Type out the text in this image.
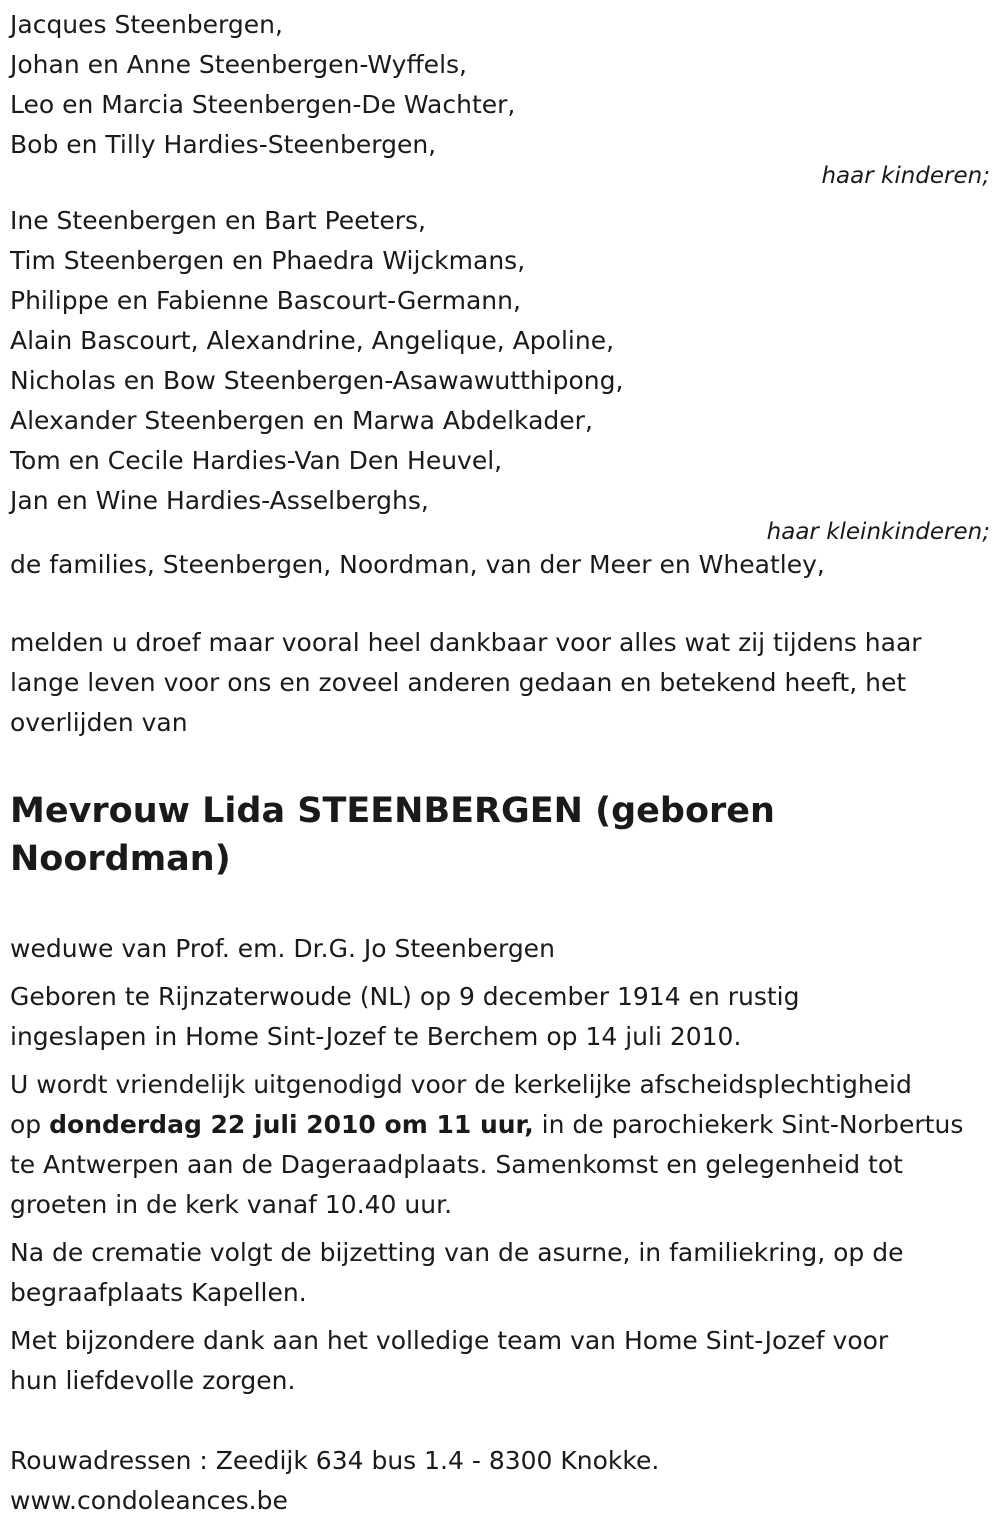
Jacques Steenbergen,

Johan en Anne Steenbergen-Wyffels,

Leo en Marcia Steenbergen-De Wachter,

Bob en Tilly Hardies-Steenbergen,

haar kinderen;

Ine Steenbergen en Bart Peeters,

Tim Steenbergen en Phaedra Wijckmans,

Philippe en Fabienne Bascourt-Germann,

Alain Bascourt, Alexandrine, Angelique, Apoline,

Nicholas en Bow Steenbergen-Asawawutthipong,

Alexander Steenbergen en Marwa Abdelkader,

Tom en Cecile Hardies-Van Den Heuvel,

Jan en Wine Hardies-Asselberghs,

haar kleinkinderen;

de families, Steenbergen, Noordman, van der Meer en Wheatley,

melden u droef maar vooral heel dankbaar voor alles wat zij tijdens haar

lange leven voor ons en zoveel anderen gedaan en betekend heeft, het

overlijden van

Mevrouw Lida STEENBERGEN (geboren

Noordman)

weduwe van Prof. em. Dr.G. Jo Steenbergen

Geboren te Rijnzaterwoude (NL) op 9 december 1914 en rustig

ingeslapen in Home Sint-Jozef te Berchem op 14 juli 2010.

U wordt vriendelijk uitgenodigd voor de kerkelijke afscheidsplechtigheid

op donderdag 22 juli 2010 om 11 uur, in de parochiekerk Sint-Norbertus

te Antwerpen aan de Dageraadplaats. Samenkomst en gelegenheid tot

groeten in de kerk vanaf 10.40 uur.

Na de crematie volgt de bijzetting van de asurne, in familiekring, op de

begraafplaats Kapellen.

Met bijzondere dank aan het volledige team van Home Sint-Jozef voor

hun liefdevolle zorgen.

Rouwadressen : Zeedijk 634 bus 1.4 - 8300 Knokke.

www.condoleances.be
